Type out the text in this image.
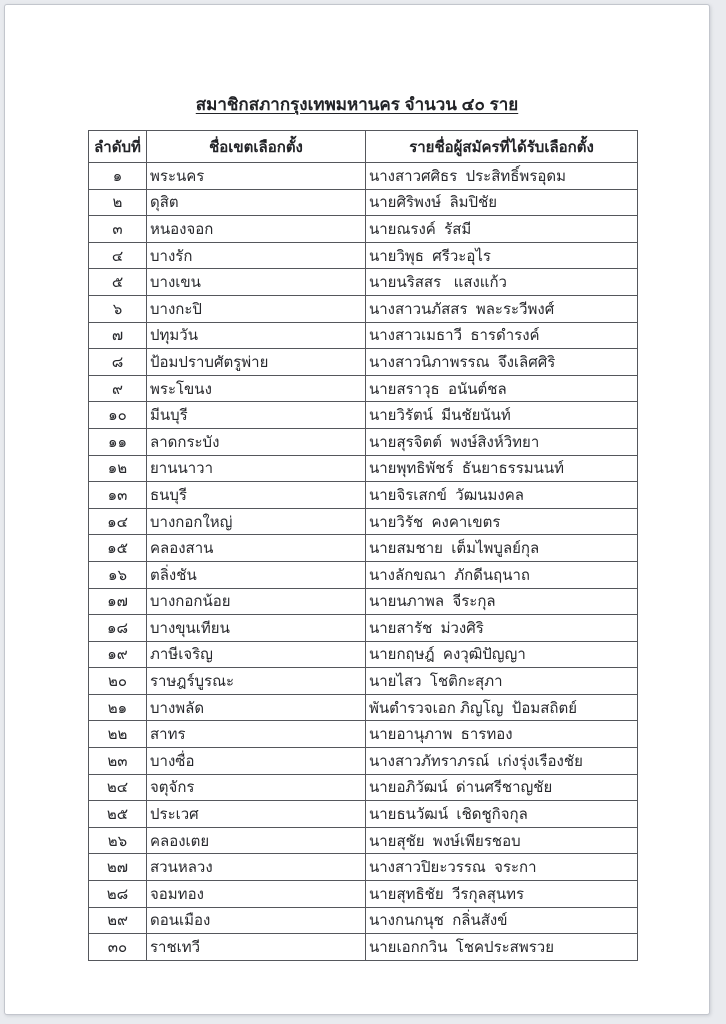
สมาชิกสภากรุงเทพมหานคร จำนวน ๔๐ ราย
ลำดับที่	ชื่อเขตเลือกตั้ง	รายชื่อผู้สมัครที่ได้รับเลือกตั้ง
๑	พระนคร	นางสาวศศิธร  ประสิทธิ์พรอุดม
๒	ดุสิต	นายศิริพงษ์  ลิมปิชัย
๓	หนองจอก	นายณรงค์  รัสมี
๔	บางรัก	นายวิพุธ  ศรีวะอุไร
๕	บางเขน	นายนริสสร   แสงแก้ว
๖	บางกะปิ	นางสาวนภัสสร  พละระวีพงศ์
๗	ปทุมวัน	นางสาวเมธาวี  ธารดำรงค์
๘	ป้อมปราบศัตรูพ่าย	นางสาวนิภาพรรณ  จึงเลิศศิริ
๙	พระโขนง	นายสราวุธ  อนันต์ชล
๑๐	มีนบุรี	นายวิรัตน์  มีนชัยนันท์
๑๑	ลาดกระบัง	นายสุรจิตต์  พงษ์สิงห์วิทยา
๑๒	ยานนาวา	นายพุทธิพัชร์  ธันยาธรรมนนท์
๑๓	ธนบุรี	นายจิรเสกข์  วัฒนมงคล
๑๔	บางกอกใหญ่	นายวิรัช  คงคาเขตร
๑๕	คลองสาน	นายสมชาย  เต็มไพบูลย์กุล
๑๖	ตลิ่งชัน	นางลักขณา  ภักดีนฤนาถ
๑๗	บางกอกน้อย	นายนภาพล  จีระกุล
๑๘	บางขุนเทียน	นายสารัช  ม่วงศิริ
๑๙	ภาษีเจริญ	นายกฤษฎ์  คงวุฒิปัญญา
๒๐	ราษฎร์บูรณะ	นายไสว  โชติกะสุภา
๒๑	บางพลัด	พันตำรวจเอก ภิญโญ  ป้อมสถิตย์
๒๒	สาทร	นายอานุภาพ  ธารทอง
๒๓	บางซื่อ	นางสาวภัทราภรณ์  เก่งรุ่งเรืองชัย
๒๔	จตุจักร	นายอภิวัฒน์  ด่านศรีชาญชัย
๒๕	ประเวศ	นายธนวัฒน์  เชิดชูกิจกุล
๒๖	คลองเตย	นายสุชัย  พงษ์เพียรชอบ
๒๗	สวนหลวง	นางสาวปิยะวรรณ  จระกา
๒๘	จอมทอง	นายสุทธิชัย  วีรกุลสุนทร
๒๙	ดอนเมือง	นางกนกนุช  กลิ่นสังข์
๓๐	ราชเทวี	นายเอกกวิน  โชคประสพรวย
